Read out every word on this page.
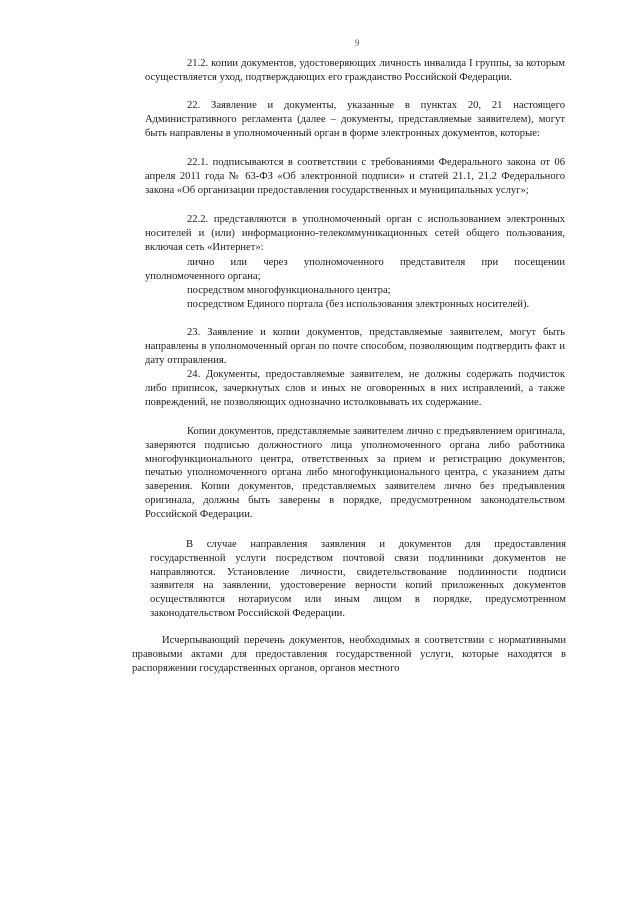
9

21.2. копии документов, удостоверяющих личность инвалида I группы, за которым осуществляется уход, подтверждающих его гражданство Российской Федерации.

22. Заявление и документы, указанные в пунктах 20, 21 настоящего Административного регламента (далее – документы, представляемые заявителем), могут быть направлены в уполномоченный орган в форме электронных документов, которые:

22.1. подписываются в соответствии с требованиями Федерального закона от 06 апреля 2011 года № 63-ФЗ «Об электронной подписи» и статей 21.1, 21.2 Федерального закона «Об организации предоставления государственных и муниципальных услуг»;

22.2. представляются в уполномоченный орган с использованием электронных носителей и (или) информационно-телекоммуникационных сетей общего пользования, включая сеть «Интернет»:

лично или через уполномоченного представителя при посещении уполномоченного органа;

посредством многофункционального центра;

посредством Единого портала (без использования электронных носителей).

23. Заявление и копии документов, представляемые заявителем, могут быть направлены в уполномоченный орган по почте способом, позволяющим подтвердить факт и дату отправления.

24. Документы, предоставляемые заявителем, не должны содержать подчисток либо приписок, зачеркнутых слов и иных не оговоренных в них исправлений, а также повреждений, не позволяющих однозначно истолковывать их содержание.

Копии документов, представляемые заявителем лично с предъявлением оригинала, заверяются подписью должностного лица уполномоченного органа либо работника многофункционального центра, ответственных за прием и регистрацию документов, печатью уполномоченного органа либо многофункционального центра, с указанием даты заверения. Копии документов, представляемых заявителем лично без предъявления оригинала, должны быть заверены в порядке, предусмотренном законодательством Российской Федерации.

В случае направления заявления и документов для предоставления государственной услуги посредством почтовой связи подлинники документов не направляются. Установление личности, свидетельствование подлинности подписи заявителя на заявлении, удостоверение верности копий приложенных документов осуществляются нотариусом или иным лицом в порядке, предусмотренном законодательством Российской Федерации.

Исчерпывающий перечень документов, необходимых в соответствии с нормативными правовыми актами для предоставления государственной услуги, которые находятся в распоряжении государственных органов, органов местного
